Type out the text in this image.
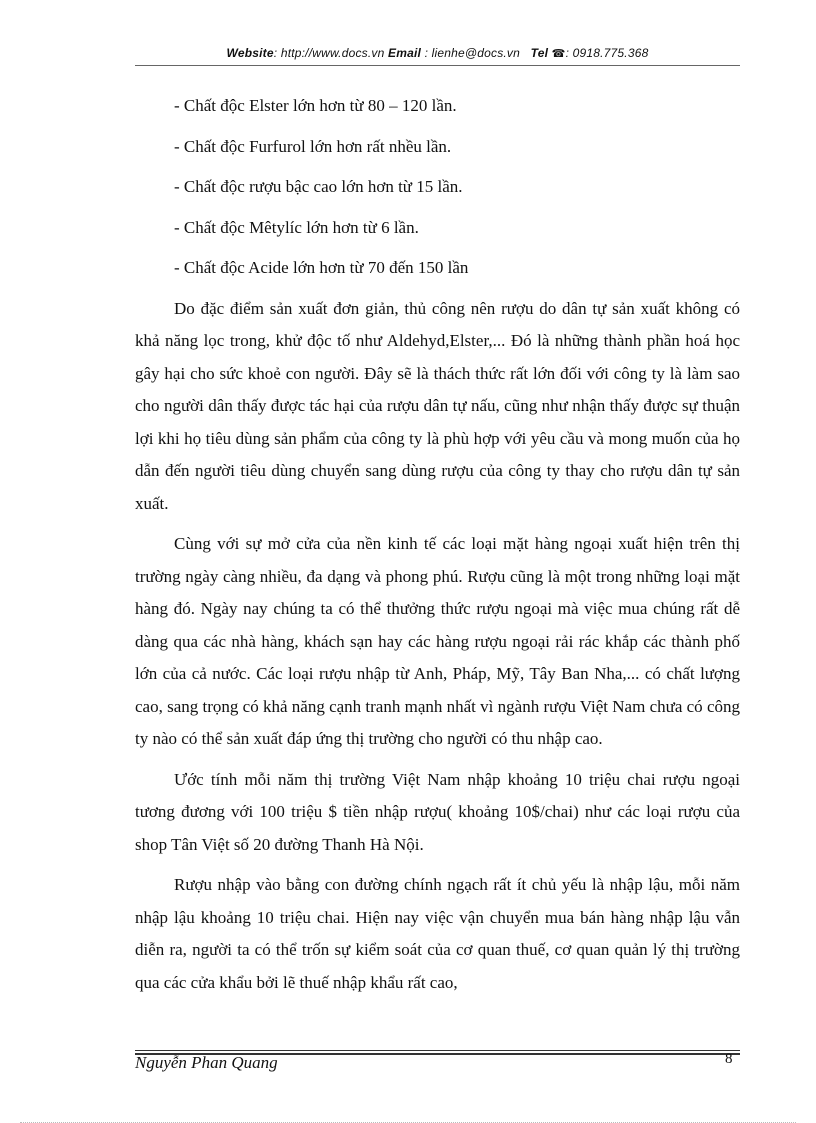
Website: http://www.docs.vn Email : lienhe@docs.vn Tel ☎: 0918.775.368

- Chất độc Elster lớn hơn từ 80 – 120 lần.

- Chất độc Furfurol lớn hơn rất nhều lần.

- Chất độc rượu bậc cao lớn hơn từ 15 lần.

- Chất độc Mêtylíc lớn hơn từ 6 lần.

- Chất độc Acide lớn hơn từ 70 đến 150 lần

Do đặc điểm sản xuất đơn giản, thủ công nên rượu do dân tự sản xuất không có khả năng lọc trong, khử độc tố như Aldehyd,Elster,... Đó là những thành phần hoá học gây hại cho sức khoẻ con người. Đây sẽ là thách thức rất lớn đối với công ty là làm sao cho người dân thấy được tác hại của rượu dân tự nấu, cũng như nhận thấy được sự thuận lợi khi họ tiêu dùng sản phẩm của công ty là phù hợp với yêu cầu và mong muốn của họ dẫn đến người tiêu dùng chuyển sang dùng rượu của công ty thay cho rượu dân tự sản xuất.

Cùng với sự mở cửa của nền kinh tế các loại mặt hàng ngoại xuất hiện trên thị trường ngày càng nhiều, đa dạng và phong phú. Rượu cũng là một trong những loại mặt hàng đó. Ngày nay chúng ta có thể thưởng thức rượu ngoại mà việc mua chúng rất dễ dàng qua các nhà hàng, khách sạn hay các hàng rượu ngoại rải rác khắp các thành phố lớn của cả nước. Các loại rượu nhập từ Anh, Pháp, Mỹ, Tây Ban Nha,... có chất lượng cao, sang trọng có khả năng cạnh tranh mạnh nhất vì ngành rượu Việt Nam chưa có công ty nào có thể sản xuất đáp ứng thị trường cho người có thu nhập cao.

Ước tính mỗi năm thị trường Việt Nam nhập khoảng 10 triệu chai rượu ngoại tương đương với 100 triệu $ tiền nhập rượu( khoảng 10$/chai) như các loại rượu của shop Tân Việt số 20 đường Thanh Hà Nội.

Rượu nhập vào bằng con đường chính ngạch rất ít chủ yếu là nhập lậu, mỗi năm nhập lậu khoảng 10 triệu chai. Hiện nay việc vận chuyển mua bán hàng nhập lậu vẫn diễn ra, người ta có thể trốn sự kiểm soát của cơ quan thuế, cơ quan quản lý thị trường qua các cửa khẩu bởi lẽ thuế nhập khẩu rất cao,

Nguyễn Phan Quang	8
